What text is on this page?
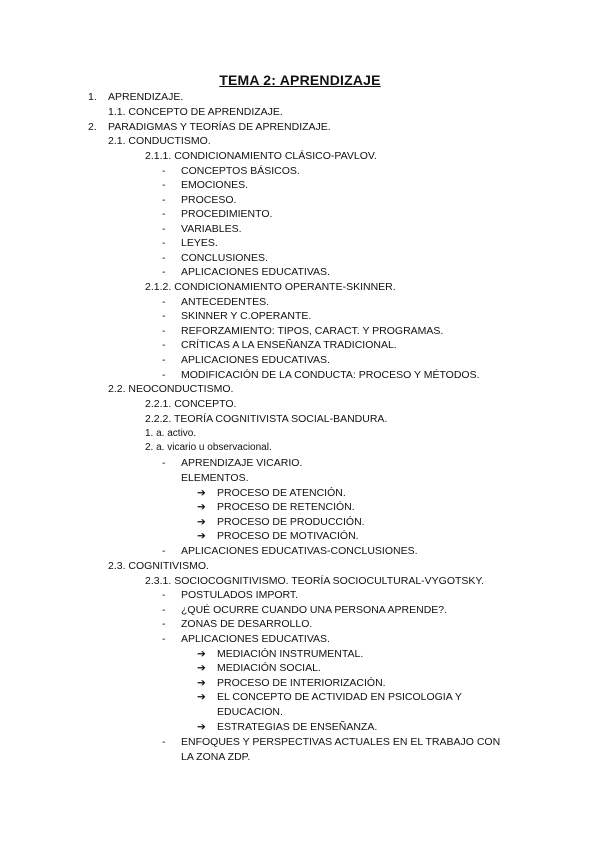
TEMA 2: APRENDIZAJE
1. APRENDIZAJE.
1.1. CONCEPTO DE APRENDIZAJE.
2. PARADIGMAS Y TEORÍAS DE APRENDIZAJE.
2.1. CONDUCTISMO.
2.1.1. CONDICIONAMIENTO CLÁSICO-PAVLOV.
- CONCEPTOS BÁSICOS.
- EMOCIONES.
- PROCESO.
- PROCEDIMIENTO.
- VARIABLES.
- LEYES.
- CONCLUSIONES.
- APLICACIONES EDUCATIVAS.
2.1.2. CONDICIONAMIENTO OPERANTE-SKINNER.
- ANTECEDENTES.
- SKINNER Y C.OPERANTE.
- REFORZAMIENTO: TIPOS, CARACT. Y PROGRAMAS.
- CRÍTICAS A LA ENSEÑANZA TRADICIONAL.
- APLICACIONES EDUCATIVAS.
- MODIFICACIÓN DE LA CONDUCTA: PROCESO Y MÉTODOS.
2.2. NEOCONDUCTISMO.
2.2.1. CONCEPTO.
2.2.2. TEORÍA COGNITIVISTA SOCIAL-BANDURA.
1. a. activo.
2. a. vicario u observacional.
- APRENDIZAJE VICARIO.
ELEMENTOS.
➔ PROCESO DE ATENCIÓN.
➔ PROCESO DE RETENCIÓN.
➔ PROCESO DE PRODUCCIÓN.
➔ PROCESO DE MOTIVACIÓN.
- APLICACIONES EDUCATIVAS-CONCLUSIONES.
2.3. COGNITIVISMO.
2.3.1. SOCIOCOGNITIVISMO. TEORÍA SOCIOCULTURAL-VYGOTSKY.
- POSTULADOS IMPORT.
- ¿QUÉ OCURRE CUANDO UNA PERSONA APRENDE?.
- ZONAS DE DESARROLLO.
- APLICACIONES EDUCATIVAS.
➔ MEDIACIÓN INSTRUMENTAL.
➔ MEDIACIÓN SOCIAL.
➔ PROCESO DE INTERIORIZACIÓN.
➔ EL CONCEPTO DE ACTIVIDAD EN PSICOLOGIA Y
EDUCACION.
➔ ESTRATEGIAS DE ENSEÑANZA.
- ENFOQUES Y PERSPECTIVAS ACTUALES EN EL TRABAJO CON
LA ZONA ZDP.
